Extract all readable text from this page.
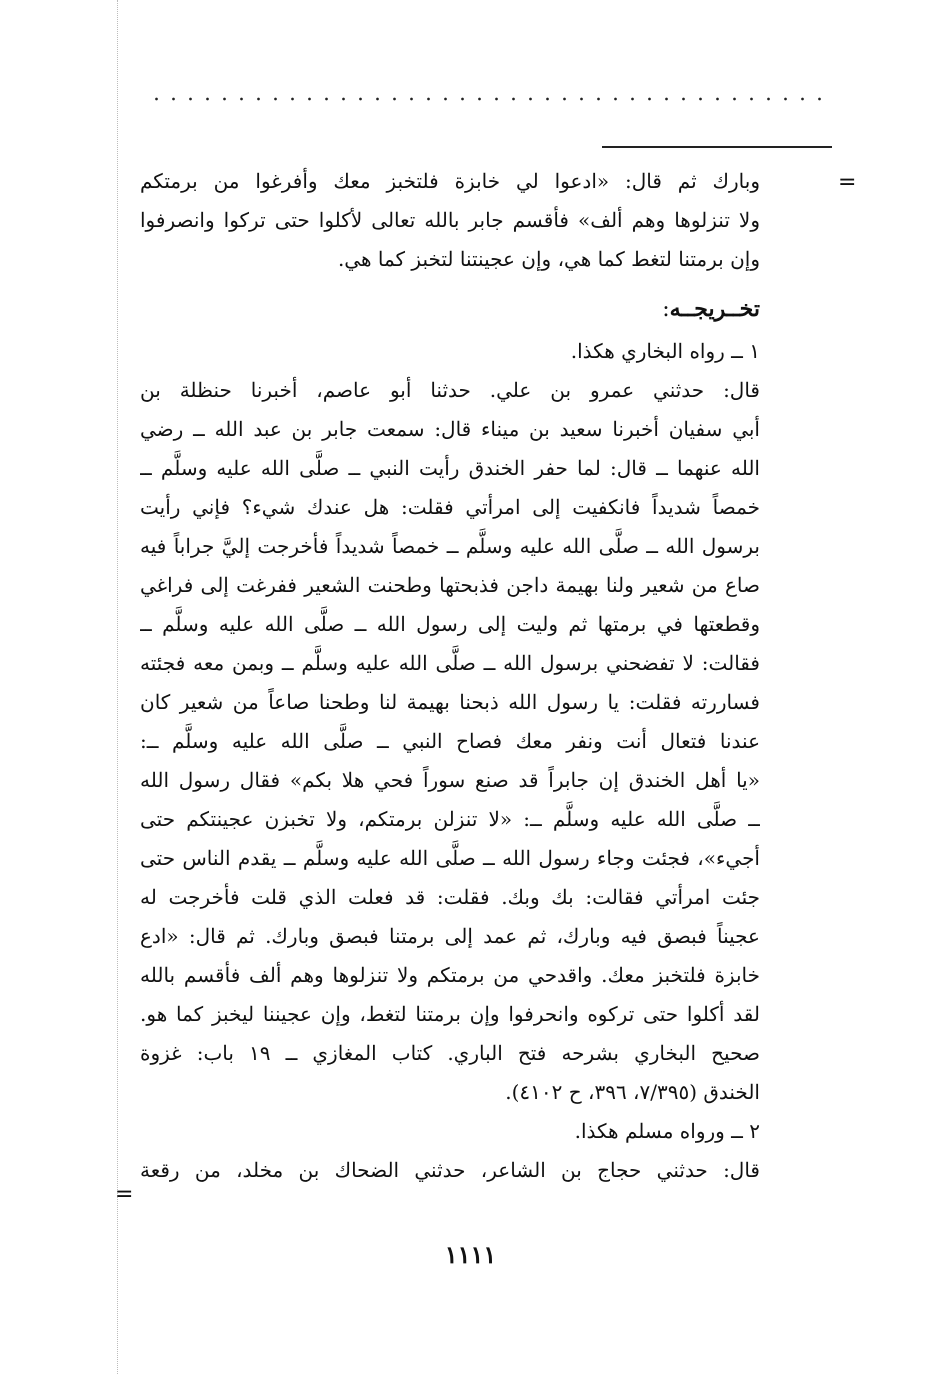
=
وبارك ثم قال: «ادعوا لي خابزة فلتخبز معك وأفرغوا من برمتكم
ولا تنزلوها وهم ألف» فأقسم جابر بالله تعالى لأكلوا حتى تركوا وانصرفوا
وإن برمتنا لتغط كما هي، وإن عجينتنا لتخبز كما هي.
تخــريجــه:
١ ــ رواه البخاري هكذا.
قال: حدثني عمرو بن علي. حدثنا أبو عاصم، أخبرنا حنظلة بن
أبي سفيان أخبرنا سعيد بن ميناء قال: سمعت جابر بن عبد الله ــ رضي
الله عنهما ــ قال: لما حفر الخندق رأيت النبي ــ صلَّى الله عليه وسلَّم ــ
خمصاً شديداً فانكفيت إلى امرأتي فقلت: هل عندك شيء؟ فإني رأيت
برسول الله ــ صلَّى الله عليه وسلَّم ــ خمصاً شديداً فأخرجت إليَّ جراباً فيه
صاع من شعير ولنا بهيمة داجن فذبحتها وطحنت الشعير ففرغت إلى فراغي
وقطعتها في برمتها ثم وليت إلى رسول الله ــ صلَّى الله عليه وسلَّم ــ
فقالت: لا تفضحني برسول الله ــ صلَّى الله عليه وسلَّم ــ وبمن معه فجئته
فساررته فقلت: يا رسول الله ذبحنا بهيمة لنا وطحنا صاعاً من شعير كان
عندنا فتعال أنت ونفر معك فصاح النبي ــ صلَّى الله عليه وسلَّم ــ:
«يا أهل الخندق إن جابراً قد صنع سوراً فحي هلا بكم» فقال رسول الله
ــ صلَّى الله عليه وسلَّم ــ: «لا تنزلن برمتكم، ولا تخبزن عجينتكم حتى
أجيء»، فجئت وجاء رسول الله ــ صلَّى الله عليه وسلَّم ــ يقدم الناس حتى
جئت امرأتي فقالت: بك وبك. فقلت: قد فعلت الذي قلت فأخرجت له
عجيناً فبصق فيه وبارك، ثم عمد إلى برمتنا فبصق وبارك. ثم قال: «ادع
خابزة فلتخبز معك. واقدحي من برمتكم ولا تنزلوها وهم ألف فأقسم بالله
لقد أكلوا حتى تركوه وانحرفوا وإن برمتنا لتغط، وإن عجيننا ليخبز كما هو.
صحيح البخاري بشرحه فتح الباري. كتاب المغازي ــ ١٩ باب: غزوة
الخندق (٧/٣٩٥، ٣٩٦، ح ٤١٠٢).
٢ ــ ورواه مسلم هكذا.
قال: حدثني حجاج بن الشاعر، حدثني الضحاك بن مخلد، من رقعة
=
١١١١
